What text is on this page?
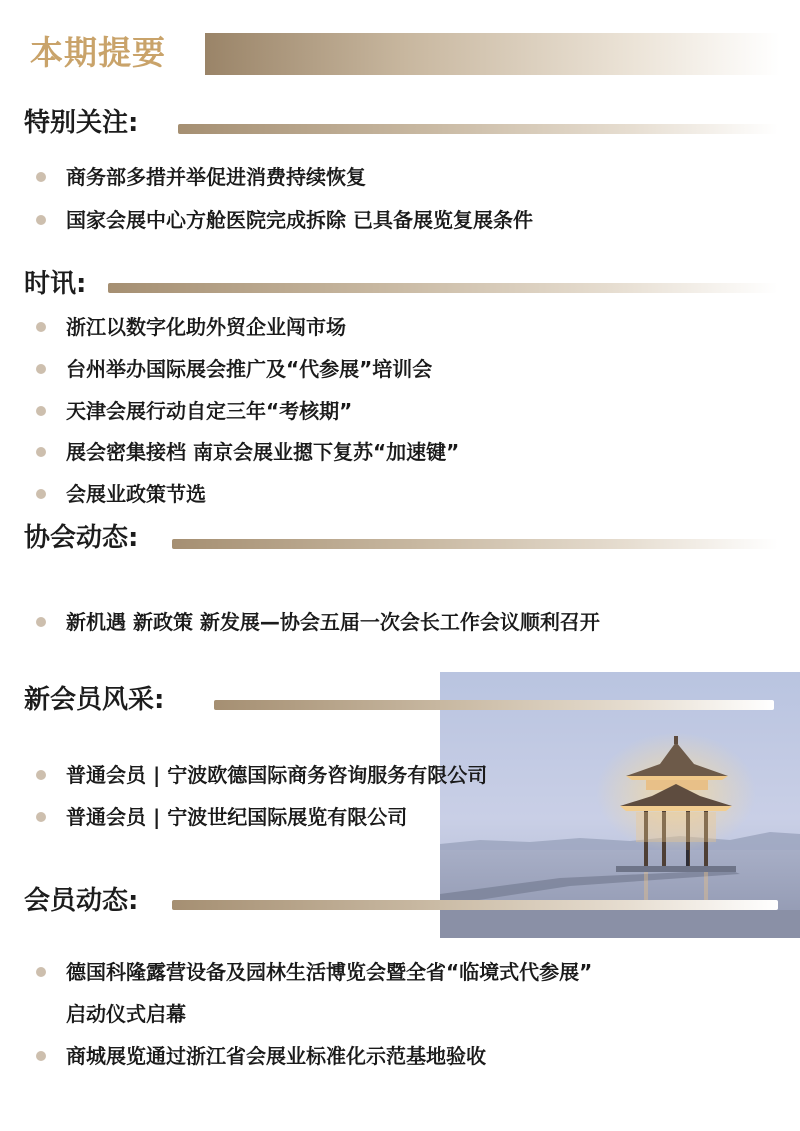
本期提要
特别关注:
商务部多措并举促进消费持续恢复
国家会展中心方舱医院完成拆除 已具备展览复展条件
时讯:
浙江以数字化助外贸企业闯市场
台州举办国际展会推广及“代参展”培训会
天津会展行动自定三年“考核期”
展会密集接档 南京会展业摁下复苏“加速键”
会展业政策节选
协会动态:
新机遇 新政策 新发展—协会五届一次会长工作会议顺利召开
新会员风采:
普通会员 | 宁波欧德国际商务咨询服务有限公司
普通会员 | 宁波世纪国际展览有限公司
会员动态:
德国科隆露营设备及园林生活博览会暨全省“临境式代参展”
启动仪式启幕
商城展览通过浙江省会展业标准化示范基地验收
